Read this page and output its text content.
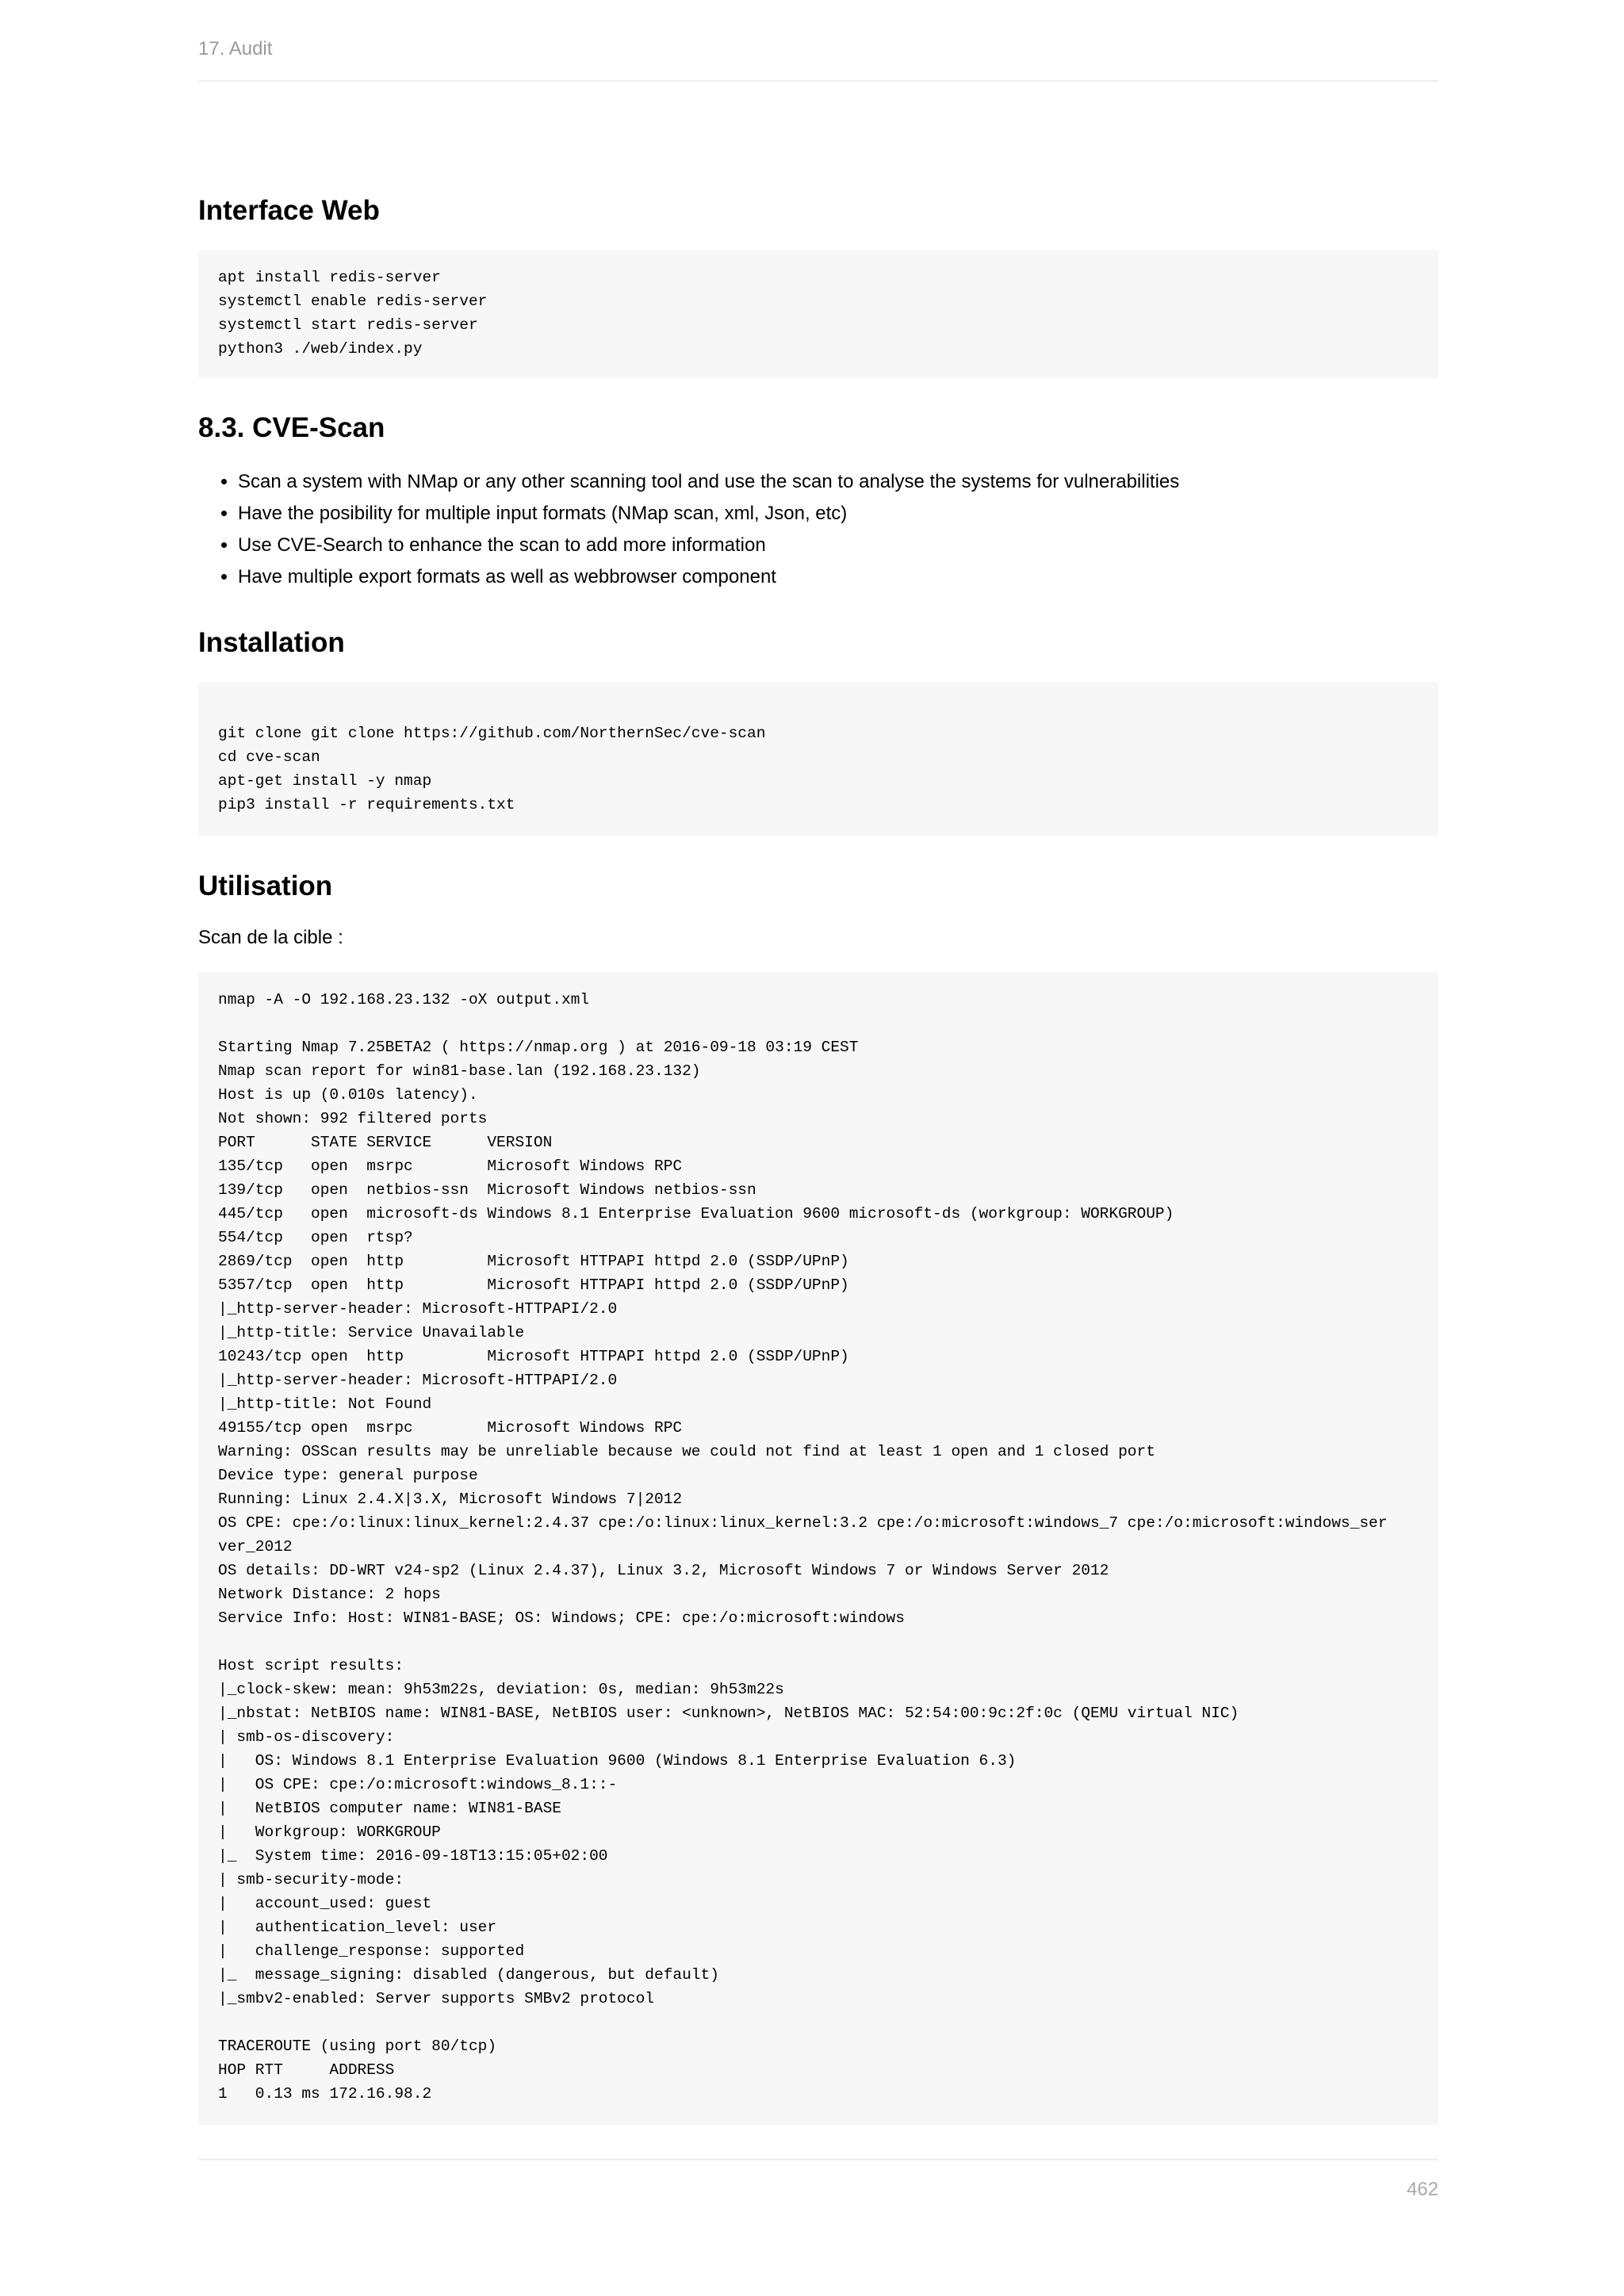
17. Audit
Interface Web
apt install redis-server
systemctl enable redis-server
systemctl start redis-server
python3 ./web/index.py
8.3. CVE-Scan
• Scan a system with NMap or any other scanning tool and use the scan to analyse the systems for vulnerabilities
• Have the posibility for multiple input formats (NMap scan, xml, Json, etc)
• Use CVE-Search to enhance the scan to add more information
• Have multiple export formats as well as webbrowser component
Installation

git clone git clone https://github.com/NorthernSec/cve-scan
cd cve-scan
apt-get install -y nmap
pip3 install -r requirements.txt
Utilisation

Scan de la cible :

nmap -A -O 192.168.23.132 -oX output.xml

Starting Nmap 7.25BETA2 ( https://nmap.org ) at 2016-09-18 03:19 CEST
Nmap scan report for win81-base.lan (192.168.23.132)
Host is up (0.010s latency).
Not shown: 992 filtered ports
PORT      STATE SERVICE      VERSION
135/tcp   open  msrpc        Microsoft Windows RPC
139/tcp   open  netbios-ssn  Microsoft Windows netbios-ssn
445/tcp   open  microsoft-ds Windows 8.1 Enterprise Evaluation 9600 microsoft-ds (workgroup: WORKGROUP)
554/tcp   open  rtsp?
2869/tcp  open  http         Microsoft HTTPAPI httpd 2.0 (SSDP/UPnP)
5357/tcp  open  http         Microsoft HTTPAPI httpd 2.0 (SSDP/UPnP)
|_http-server-header: Microsoft-HTTPAPI/2.0
|_http-title: Service Unavailable
10243/tcp open  http         Microsoft HTTPAPI httpd 2.0 (SSDP/UPnP)
|_http-server-header: Microsoft-HTTPAPI/2.0
|_http-title: Not Found
49155/tcp open  msrpc        Microsoft Windows RPC
Warning: OSScan results may be unreliable because we could not find at least 1 open and 1 closed port
Device type: general purpose
Running: Linux 2.4.X|3.X, Microsoft Windows 7|2012
OS CPE: cpe:/o:linux:linux_kernel:2.4.37 cpe:/o:linux:linux_kernel:3.2 cpe:/o:microsoft:windows_7 cpe:/o:microsoft:windows_ser
ver_2012
OS details: DD-WRT v24-sp2 (Linux 2.4.37), Linux 3.2, Microsoft Windows 7 or Windows Server 2012
Network Distance: 2 hops
Service Info: Host: WIN81-BASE; OS: Windows; CPE: cpe:/o:microsoft:windows

Host script results:
|_clock-skew: mean: 9h53m22s, deviation: 0s, median: 9h53m22s
|_nbstat: NetBIOS name: WIN81-BASE, NetBIOS user: <unknown>, NetBIOS MAC: 52:54:00:9c:2f:0c (QEMU virtual NIC)
| smb-os-discovery:
|   OS: Windows 8.1 Enterprise Evaluation 9600 (Windows 8.1 Enterprise Evaluation 6.3)
|   OS CPE: cpe:/o:microsoft:windows_8.1::-
|   NetBIOS computer name: WIN81-BASE
|   Workgroup: WORKGROUP
|_  System time: 2016-09-18T13:15:05+02:00
| smb-security-mode:
|   account_used: guest
|   authentication_level: user
|   challenge_response: supported
|_  message_signing: disabled (dangerous, but default)
|_smbv2-enabled: Server supports SMBv2 protocol

TRACEROUTE (using port 80/tcp)
HOP RTT     ADDRESS
1   0.13 ms 172.16.98.2
462
